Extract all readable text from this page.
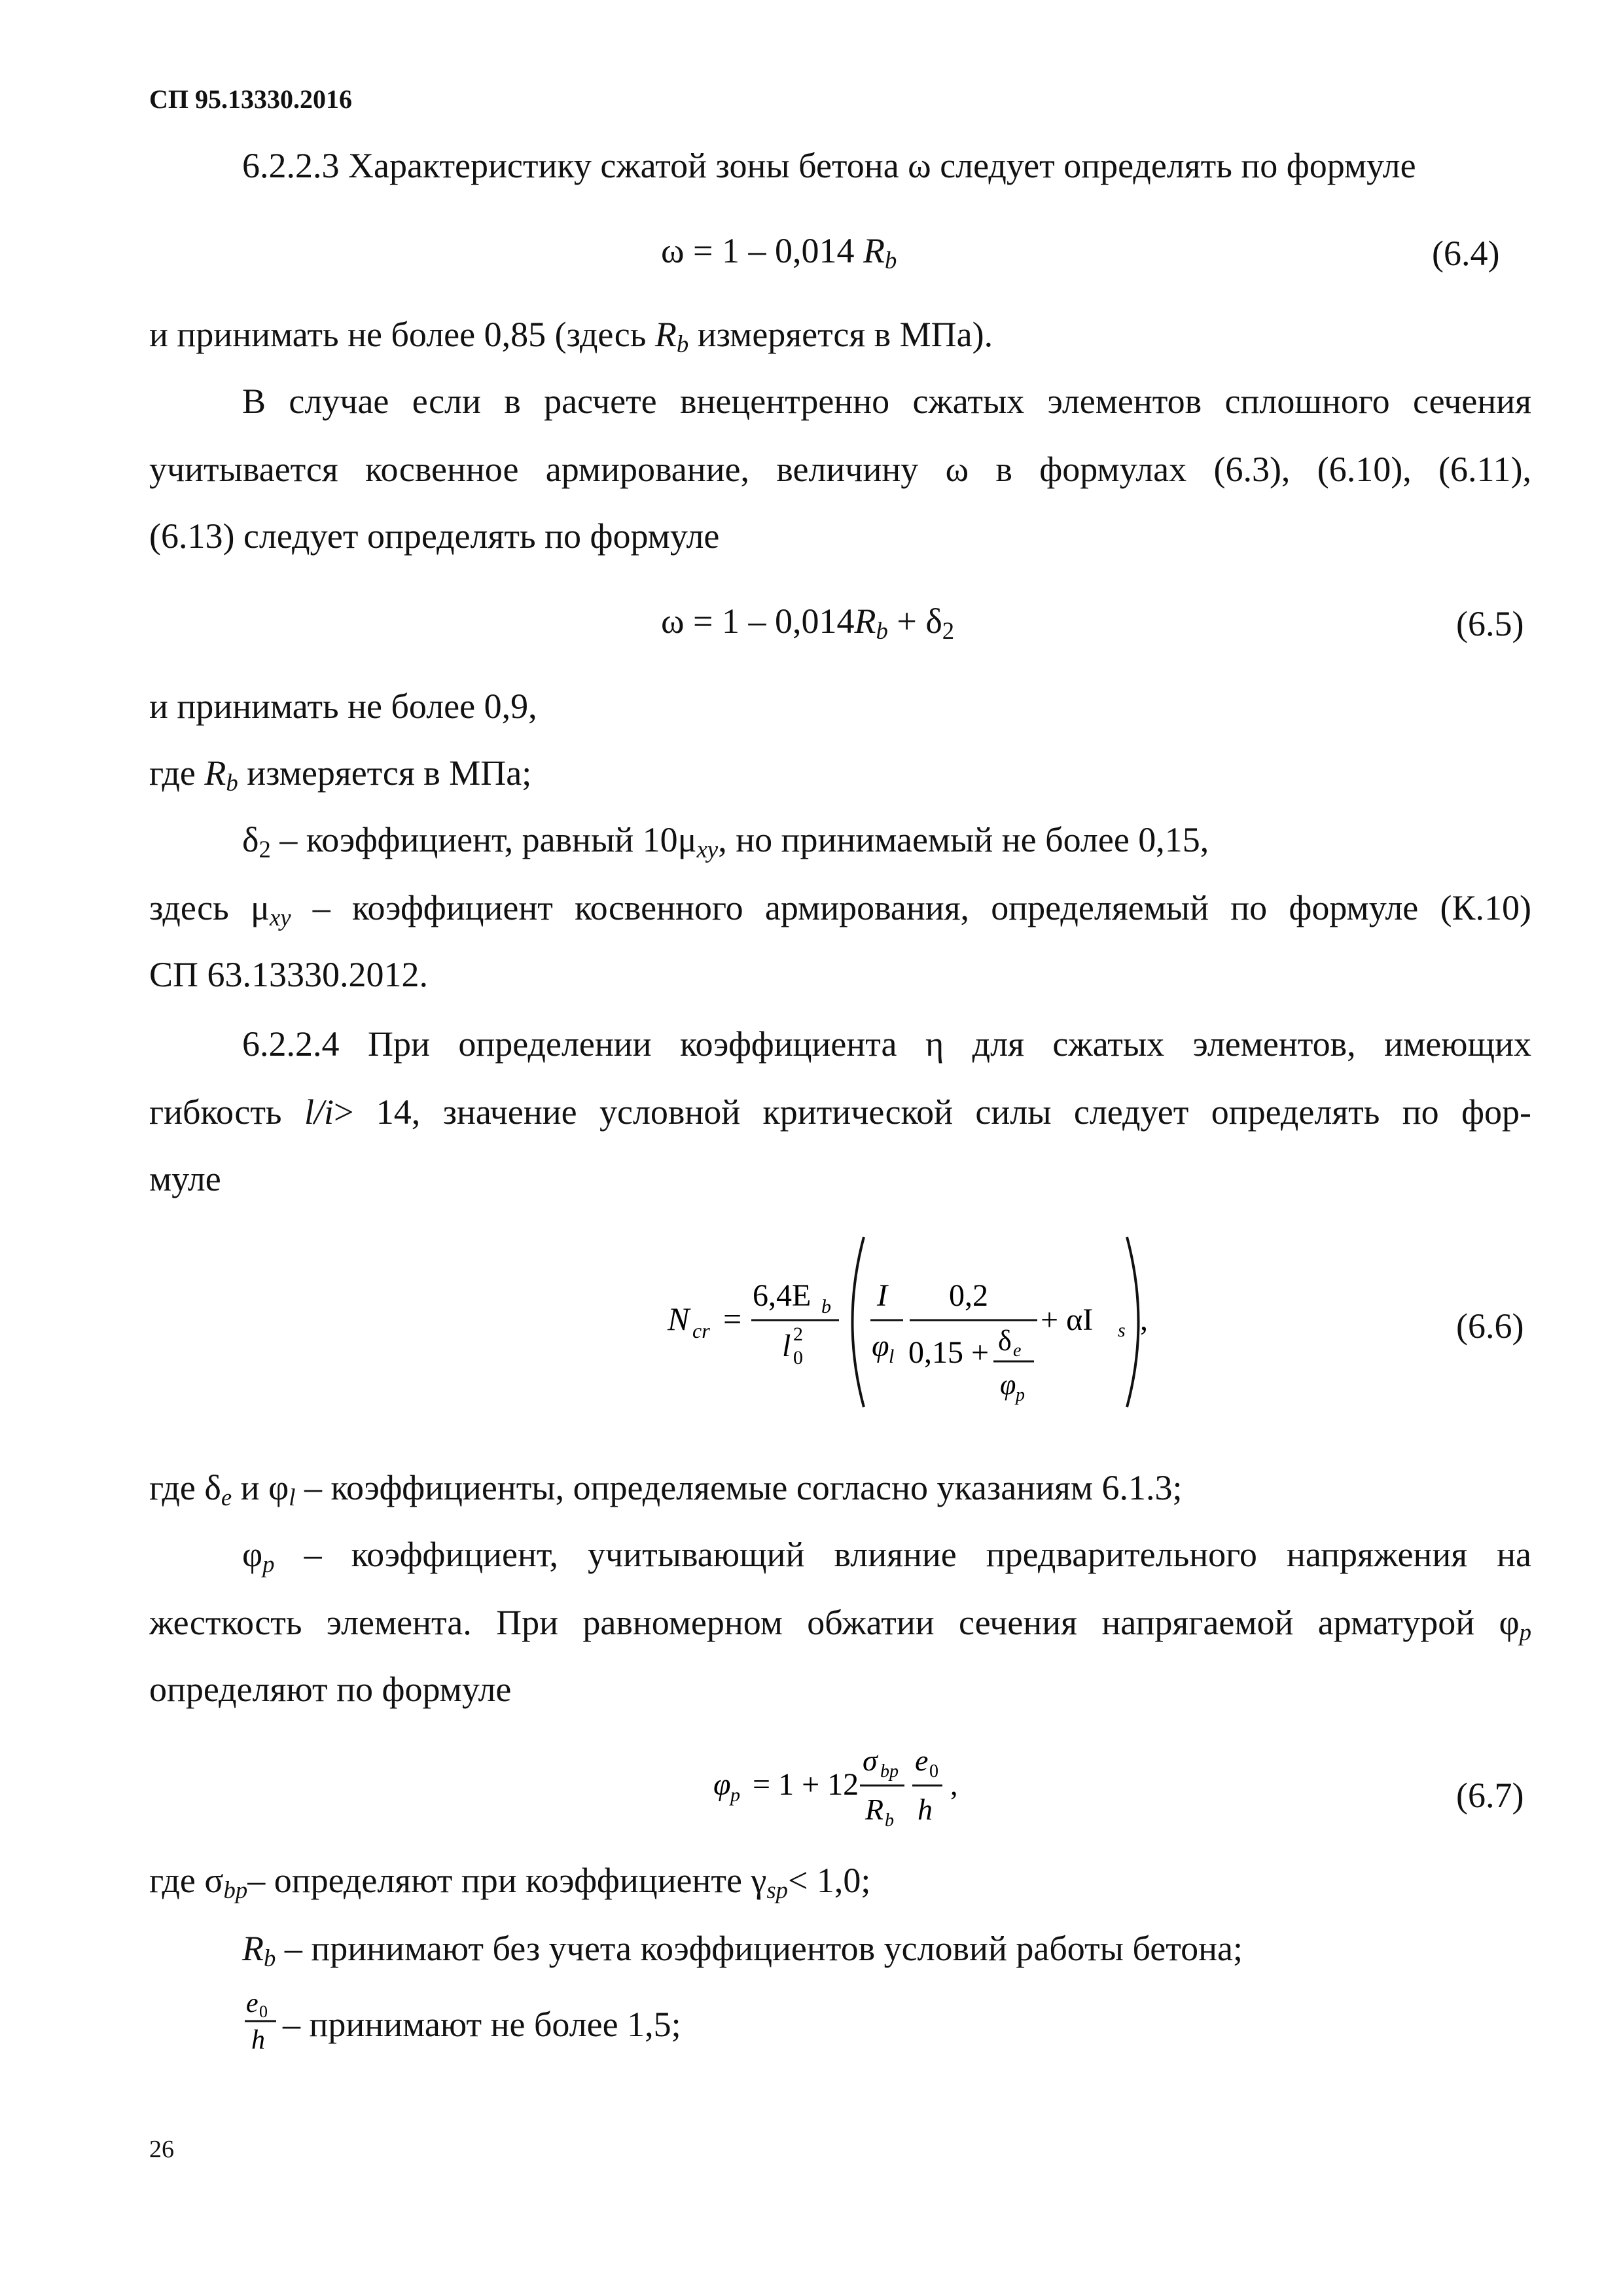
СП 95.13330.2016
6.2.2.3 Характеристику сжатой зоны бетона ω следует определять по формуле
ω = 1 – 0,014 $R_b$	(6.4)
и принимать не более 0,85 (здесь $R_b$ измеряется в МПа).
В случае если в расчете внецентренно сжатых элементов сплошного сечения
учитывается косвенное армирование, величину ω в формулах (6.3), (6.10), (6.11),
(6.13) следует определять по формуле
$\omega = 1 - 0,014R_b + \delta_2$	(6.5)
и принимать не более 0,9,
где $R_b$ измеряется в МПа;
$\delta_2$ – коэффициент, равный $10\mu_{xy}$, но принимаемый не более 0,15,
здесь $\mu_{xy}$ – коэффициент косвенного армирования, определяемый по формуле (К.10)
СП 63.13330.2012.
6.2.2.4 При определении коэффициента η для сжатых элементов, имеющих
гибкость l/i> 14, значение условной критической силы следует определять по фор-
муле
N cr =
6,4E b
l 0
2
I
φ l
0,2
0,15 + δ e
φ p
+ αI s ,	(6.6)
где $\delta_e$ и $\varphi_l$ – коэффициенты, определяемые согласно указаниям 6.1.3;
$\varphi_p$ – коэффициент, учитывающий влияние предварительного напряжения на
жесткость элемента. При равномерном обжатии сечения напрягаемой арматурой $\varphi_p$
определяют по формуле
φ p = 1 + 12
σ bp
R b
e 0
h
,	(6.7)
где $\sigma_{bp}-$ определяют при коэффициенте $\gamma_{sp}< 1,0$;
$R_b$ – принимают без учета коэффициентов условий работы бетона;
e 0
h – принимают не более 1,5;
26
